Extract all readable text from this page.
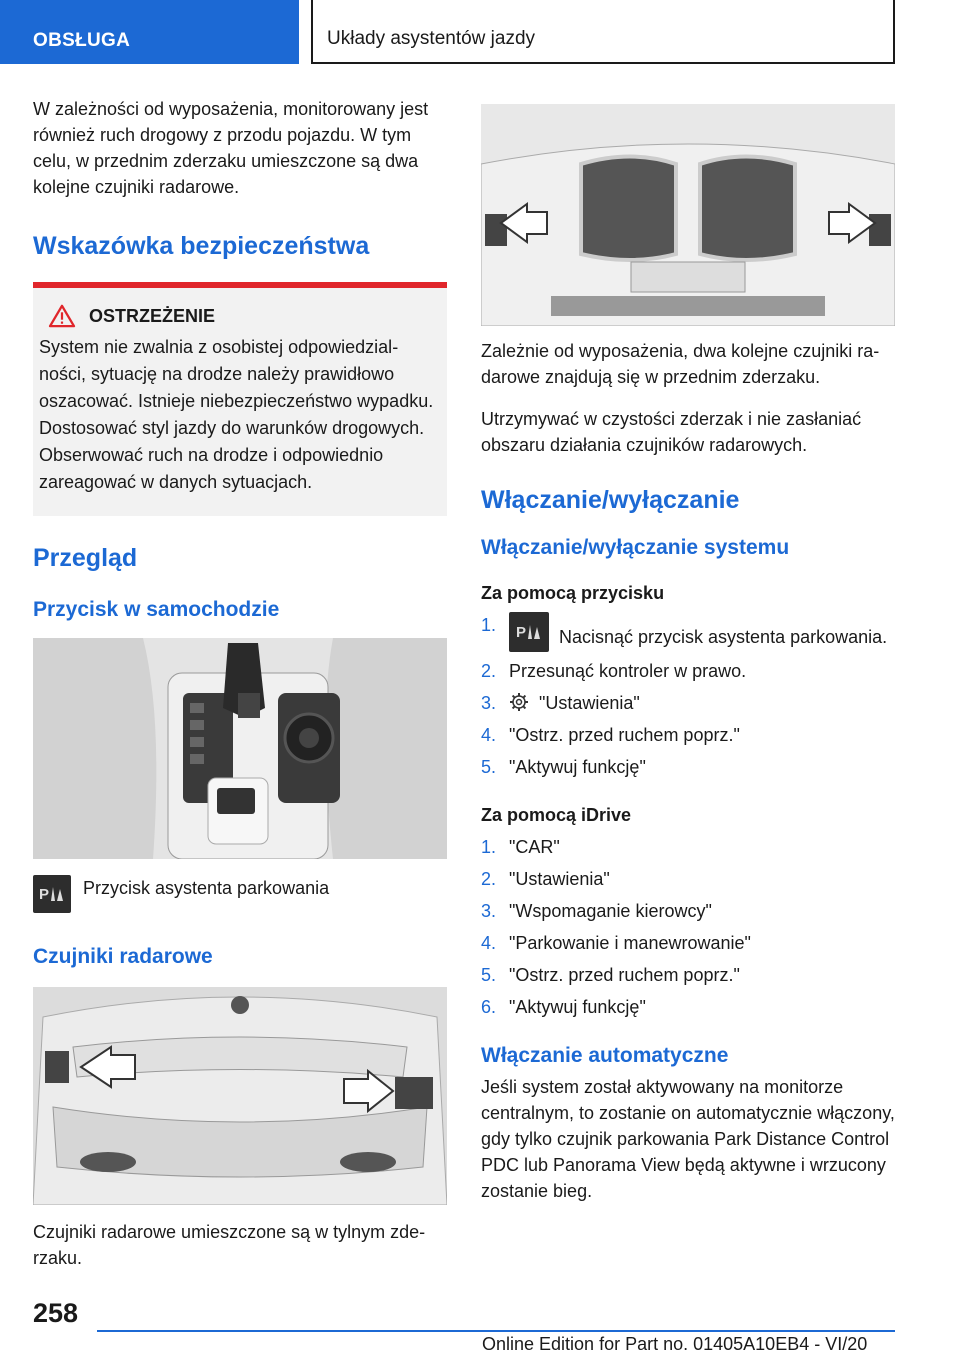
OBSŁUGA	Układy asystentów jazdy

W zależności od wyposażenia, monitorowany jest również ruch drogowy z przodu pojazdu. W tym celu, w przednim zderzaku umieszczone są dwa kolejne czujniki radarowe.

Wskazówka bezpieczeństwa
OSTRZEŻENIE

System nie zwalnia z osobistej odpowiedzialności, sytuację na drodze należy prawidłowo oszacować. Istnieje niebezpieczeństwo wypadku. Dostosować styl jazdy do warunków drogowych. Obserwować ruch na drodze i odpowiednio zareagować w danych sytuacjach.

Przegląd
Przycisk w samochodzie
P Przycisk asystenta parkowania
Czujniki radarowe

Czujniki radarowe umieszczone są w tylnym zderzaku.

Zależnie od wyposażenia, dwa kolejne czujniki radarowe znajdują się w przednim zderzaku.

Utrzymywać w czystości zderzak i nie zasłaniać obszaru działania czujników radarowych.

Włączanie/wyłączanie
Włączanie/wyłączanie systemu
Za pomocą przycisku
1.	P Nacisnąć przycisk asystenta parkowania.
2. Przesunąć kontroler w prawo.
3.	"Ustawienia"
4. "Ostrz. przed ruchem poprz."
5. "Aktywuj funkcję"
Za pomocą iDrive
1. "CAR"
2. "Ustawienia"
3. "Wspomaganie kierowcy"
4. "Parkowanie i manewrowanie"
5. "Ostrz. przed ruchem poprz."
6. "Aktywuj funkcję"
Włączanie automatyczne

Jeśli system został aktywowany na monitorze centralnym, to zostanie on automatycznie włączony, gdy tylko czujnik parkowania Park Distance Control PDC lub Panorama View będą aktywne i wrzucony zostanie bieg.

258
Online Edition for Part no. 01405A10EB4 - VI/20
